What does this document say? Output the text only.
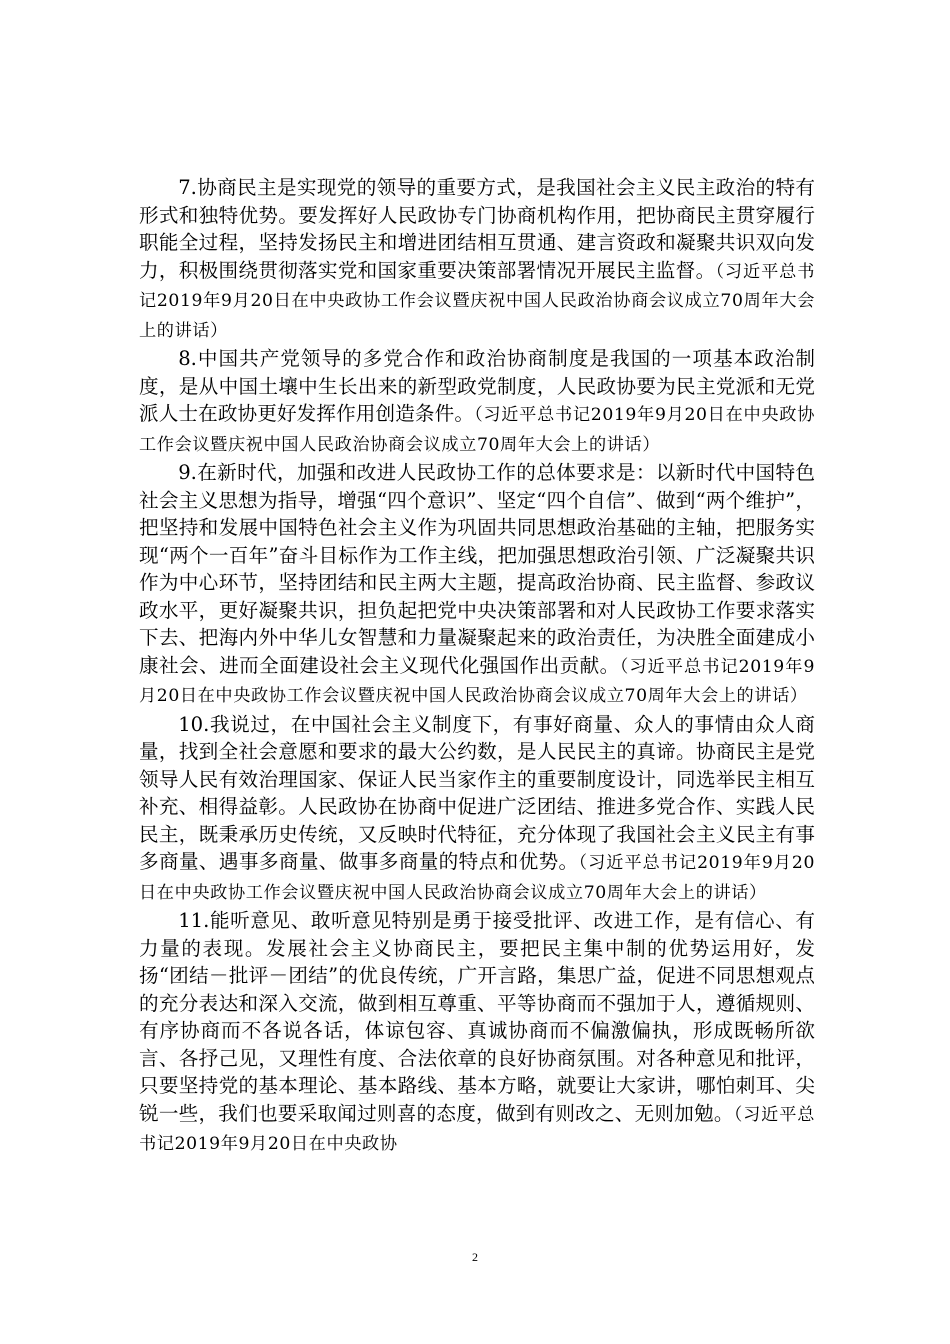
7.协商民主是实现党的领导的重要方式，是我国社会主义民主政治的特有形式和独特优势。要发挥好人民政协专门协商机构作用，把协商民主贯穿履行职能全过程，坚持发扬民主和增进团结相互贯通、建言资政和凝聚共识双向发力，积极围绕贯彻落实党和国家重要决策部署情况开展民主监督。（习近平总书记2019年9月20日在中央政协工作会议暨庆祝中国人民政治协商会议成立70周年大会上的讲话）

8.中国共产党领导的多党合作和政治协商制度是我国的一项基本政治制度，是从中国土壤中生长出来的新型政党制度，人民政协要为民主党派和无党派人士在政协更好发挥作用创造条件。（习近平总书记2019年9月20日在中央政协工作会议暨庆祝中国人民政治协商会议成立70周年大会上的讲话）

9.在新时代，加强和改进人民政协工作的总体要求是：以新时代中国特色社会主义思想为指导，增强“四个意识”、坚定“四个自信”、做到“两个维护”，把坚持和发展中国特色社会主义作为巩固共同思想政治基础的主轴，把服务实现“两个一百年”奋斗目标作为工作主线，把加强思想政治引领、广泛凝聚共识作为中心环节，坚持团结和民主两大主题，提高政治协商、民主监督、参政议政水平，更好凝聚共识，担负起把党中央决策部署和对人民政协工作要求落实下去、把海内外中华儿女智慧和力量凝聚起来的政治责任，为决胜全面建成小康社会、进而全面建设社会主义现代化强国作出贡献。（习近平总书记2019年9月20日在中央政协工作会议暨庆祝中国人民政治协商会议成立70周年大会上的讲话）

10.我说过，在中国社会主义制度下，有事好商量、众人的事情由众人商量，找到全社会意愿和要求的最大公约数，是人民民主的真谛。协商民主是党领导人民有效治理国家、保证人民当家作主的重要制度设计，同选举民主相互补充、相得益彰。人民政协在协商中促进广泛团结、推进多党合作、实践人民民主，既秉承历史传统，又反映时代特征，充分体现了我国社会主义民主有事多商量、遇事多商量、做事多商量的特点和优势。（习近平总书记2019年9月20日在中央政协工作会议暨庆祝中国人民政治协商会议成立70周年大会上的讲话）

11.能听意见、敢听意见特别是勇于接受批评、改进工作，是有信心、有力量的表现。发展社会主义协商民主，要把民主集中制的优势运用好，发扬“团结－批评－团结”的优良传统，广开言路，集思广益，促进不同思想观点的充分表达和深入交流，做到相互尊重、平等协商而不强加于人，遵循规则、有序协商而不各说各话，体谅包容、真诚协商而不偏激偏执，形成既畅所欲言、各抒己见，又理性有度、合法依章的良好协商氛围。对各种意见和批评，只要坚持党的基本理论、基本路线、基本方略，就要让大家讲，哪怕刺耳、尖锐一些，我们也要采取闻过则喜的态度，做到有则改之、无则加勉。（习近平总书记2019年9月20日在中央政协

2
